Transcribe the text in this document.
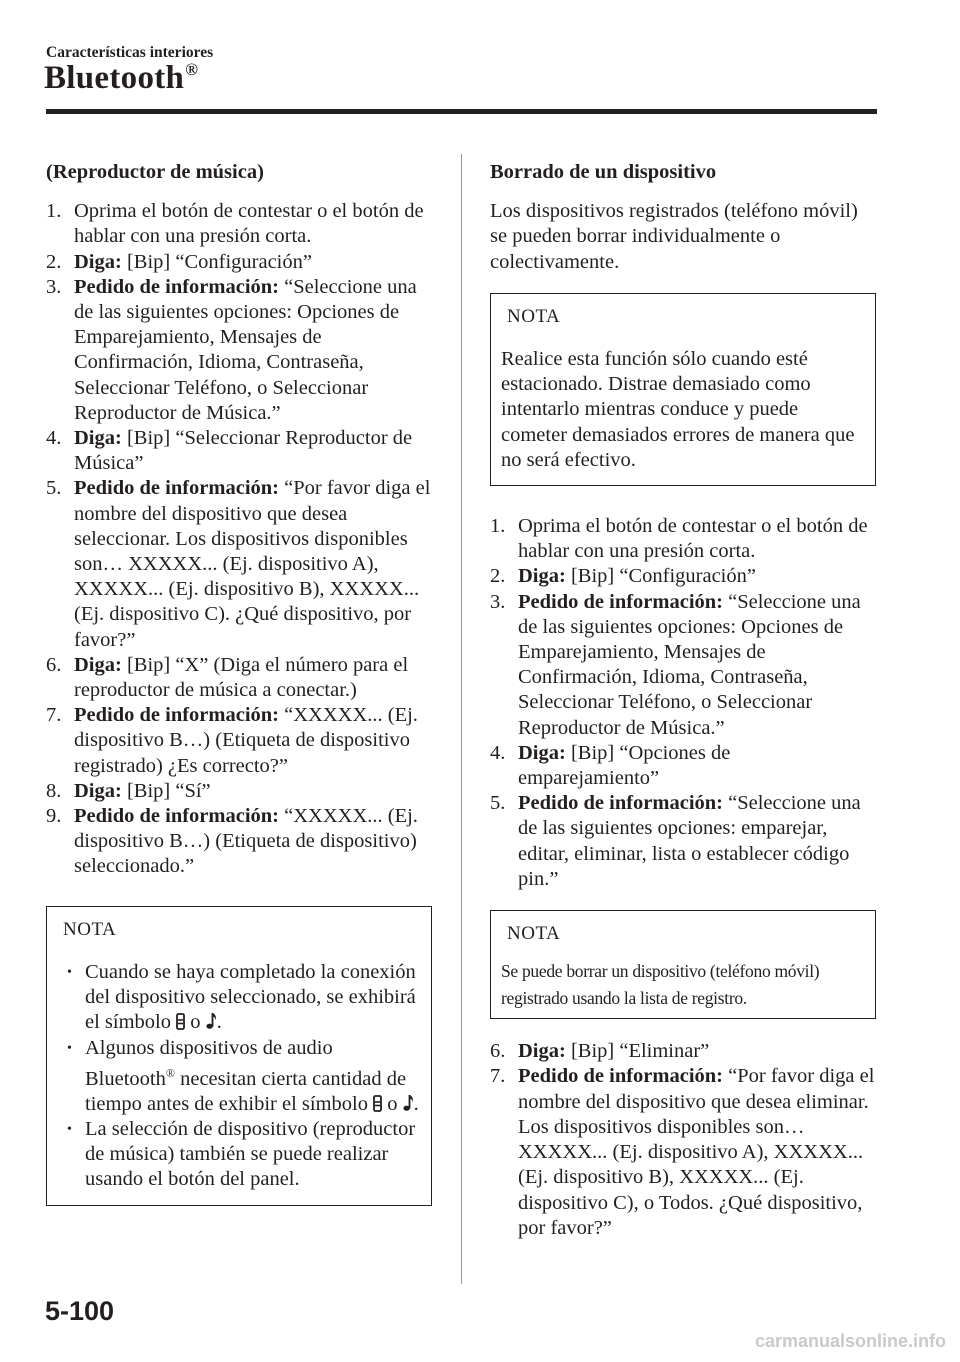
Características interiores
Bluetooth®
(Reproductor de música)
1. Oprima el botón de contestar o el botón de hablar con una presión corta.
2. Diga: [Bip] “Configuración”
3. Pedido de información: “Seleccione una de las siguientes opciones: Opciones de Emparejamiento, Mensajes de Confirmación, Idioma, Contraseña, Seleccionar Teléfono, o Seleccionar Reproductor de Música.”
4. Diga: [Bip] “Seleccionar Reproductor de Música”
5. Pedido de información: “Por favor diga el nombre del dispositivo que desea seleccionar. Los dispositivos disponibles son… XXXXX... (Ej. dispositivo A), XXXXX... (Ej. dispositivo B), XXXXX... (Ej. dispositivo C). ¿Qué dispositivo, por favor?”
6. Diga: [Bip] “X” (Diga el número para el reproductor de música a conectar.)
7. Pedido de información: “XXXXX... (Ej. dispositivo B…) (Etiqueta de dispositivo registrado) ¿Es correcto?”
8. Diga: [Bip] “Sí”
9. Pedido de información: “XXXXX... (Ej. dispositivo B…) (Etiqueta de dispositivo) seleccionado.”
NOTA
• Cuando se haya completado la conexión del dispositivo seleccionado, se exhibirá el símbolo o .
• Algunos dispositivos de audio Bluetooth® necesitan cierta cantidad de tiempo antes de exhibir el símbolo o .
• La selección de dispositivo (reproductor de música) también se puede realizar usando el botón del panel.
Borrado de un dispositivo
Los dispositivos registrados (teléfono móvil) se pueden borrar individualmente o colectivamente.
NOTA
Realice esta función sólo cuando esté estacionado. Distrae demasiado como intentarlo mientras conduce y puede cometer demasiados errores de manera que no será efectivo.
1. Oprima el botón de contestar o el botón de hablar con una presión corta.
2. Diga: [Bip] “Configuración”
3. Pedido de información: “Seleccione una de las siguientes opciones: Opciones de Emparejamiento, Mensajes de Confirmación, Idioma, Contraseña, Seleccionar Teléfono, o Seleccionar Reproductor de Música.”
4. Diga: [Bip] “Opciones de emparejamiento”
5. Pedido de información: “Seleccione una de las siguientes opciones: emparejar, editar, eliminar, lista o establecer código pin.”
NOTA
Se puede borrar un dispositivo (teléfono móvil) registrado usando la lista de registro.
6. Diga: [Bip] “Eliminar”
7. Pedido de información: “Por favor diga el nombre del dispositivo que desea eliminar. Los dispositivos disponibles son… XXXXX... (Ej. dispositivo A), XXXXX... (Ej. dispositivo B), XXXXX... (Ej. dispositivo C), o Todos. ¿Qué dispositivo, por favor?”
5-100
carmanualsonline.info
